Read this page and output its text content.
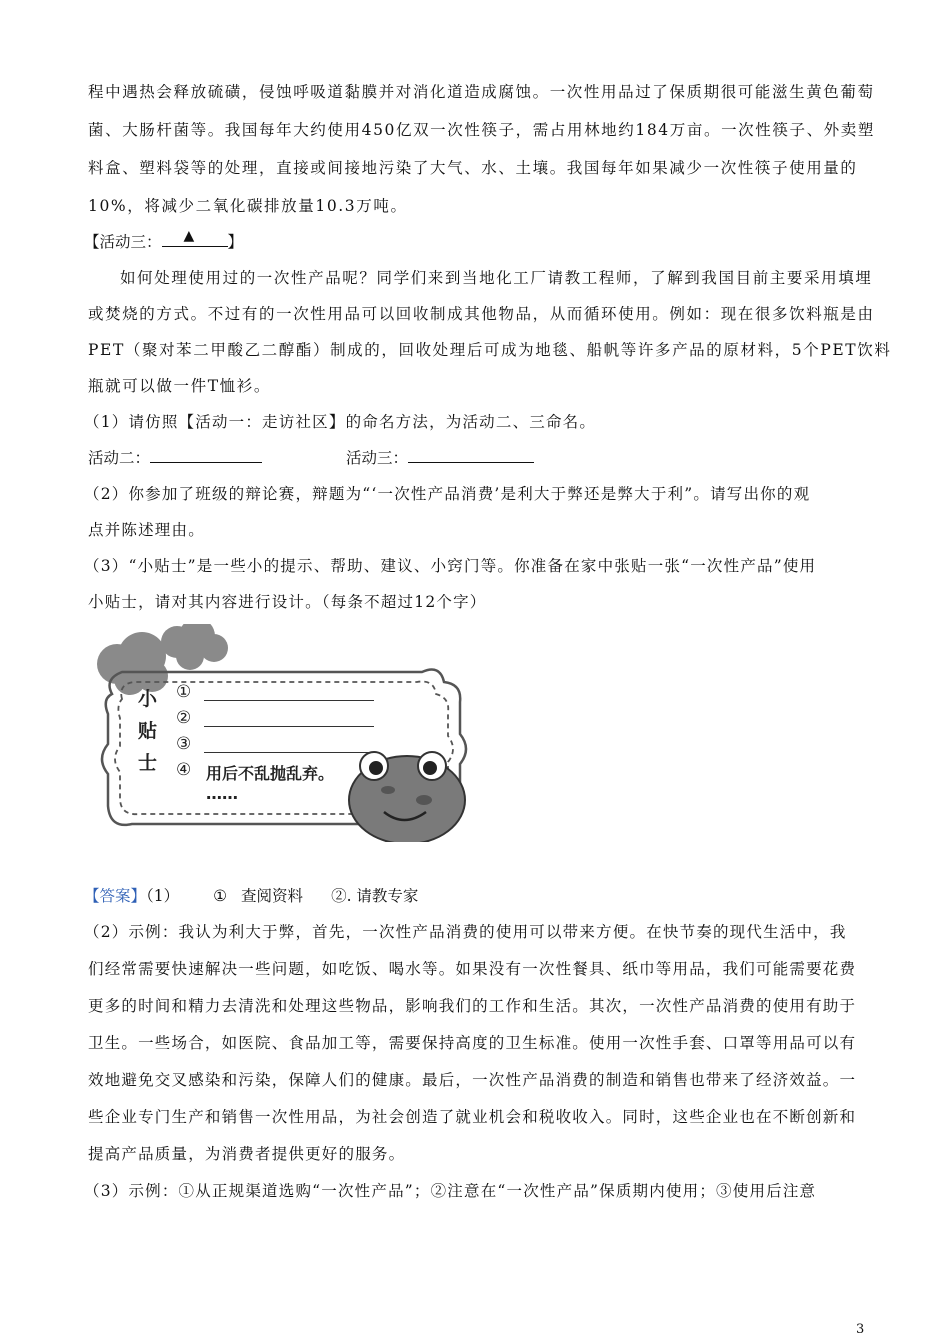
程中遇热会释放硫磺，侵蚀呼吸道黏膜并对消化道造成腐蚀。一次性用品过了保质期很可能滋生黄色葡萄
菌、大肠杆菌等。我国每年大约使用450亿双一次性筷子，需占用林地约184万亩。一次性筷子、外卖塑
料盒、塑料袋等的处理，直接或间接地污染了大气、水、土壤。我国每年如果减少一次性筷子使用量的
10%，将减少二氧化碳排放量10.3万吨。
【活动三： ▲ 】
如何处理使用过的一次性产品呢？同学们来到当地化工厂请教工程师，了解到我国目前主要采用填埋
或焚烧的方式。不过有的一次性用品可以回收制成其他物品，从而循环使用。例如：现在很多饮料瓶是由
PET（聚对苯二甲酸乙二醇酯）制成的，回收处理后可成为地毯、船帆等许多产品的原材料，5个PET饮料
瓶就可以做一件T恤衫。
（1）请仿照【活动一：走访社区】的命名方法，为活动二、三命名。
活动二：	活动三：
（2）你参加了班级的辩论赛，辩题为“‘一次性产品消费’是利大于弊还是弊大于利”。请写出你的观
点并陈述理由。
（3）“小贴士”是一些小的提示、帮助、建议、小窍门等。你准备在家中张贴一张“一次性产品”使用
小贴士，请对其内容进行设计。（每条不超过12个字）
小
贴
士
①
②
③
④ 用后不乱抛乱弃。
……
【答案】（1） ① 查阅资料 ②. 请教专家
（2）示例：我认为利大于弊，首先，一次性产品消费的使用可以带来方便。在快节奏的现代生活中，我
们经常需要快速解决一些问题，如吃饭、喝水等。如果没有一次性餐具、纸巾等用品，我们可能需要花费
更多的时间和精力去清洗和处理这些物品，影响我们的工作和生活。其次，一次性产品消费的使用有助于
卫生。一些场合，如医院、食品加工等，需要保持高度的卫生标准。使用一次性手套、口罩等用品可以有
效地避免交叉感染和污染，保障人们的健康。最后，一次性产品消费的制造和销售也带来了经济效益。一
些企业专门生产和销售一次性用品，为社会创造了就业机会和税收收入。同时，这些企业也在不断创新和
提高产品质量，为消费者提供更好的服务。
（3）示例：①从正规渠道选购“一次性产品”；②注意在“一次性产品”保质期内使用；③使用后注意
3
